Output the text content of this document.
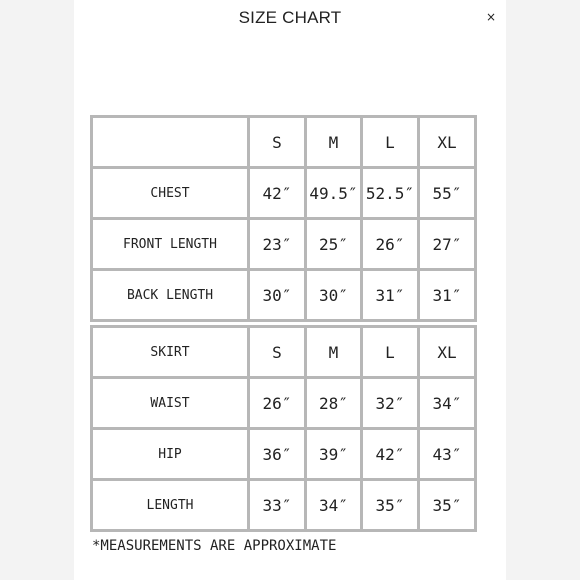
SIZE CHART	×
	S	M	L	XL
CHEST	42″	49.5″	52.5″	55″
FRONT LENGTH	23″	25″	26″	27″
BACK LENGTH	30″	30″	31″	31″
SKIRT	S	M	L	XL
WAIST	26″	28″	32″	34″
HIP	36″	39″	42″	43″
LENGTH	33″	34″	35″	35″
*MEASUREMENTS ARE APPROXIMATE
